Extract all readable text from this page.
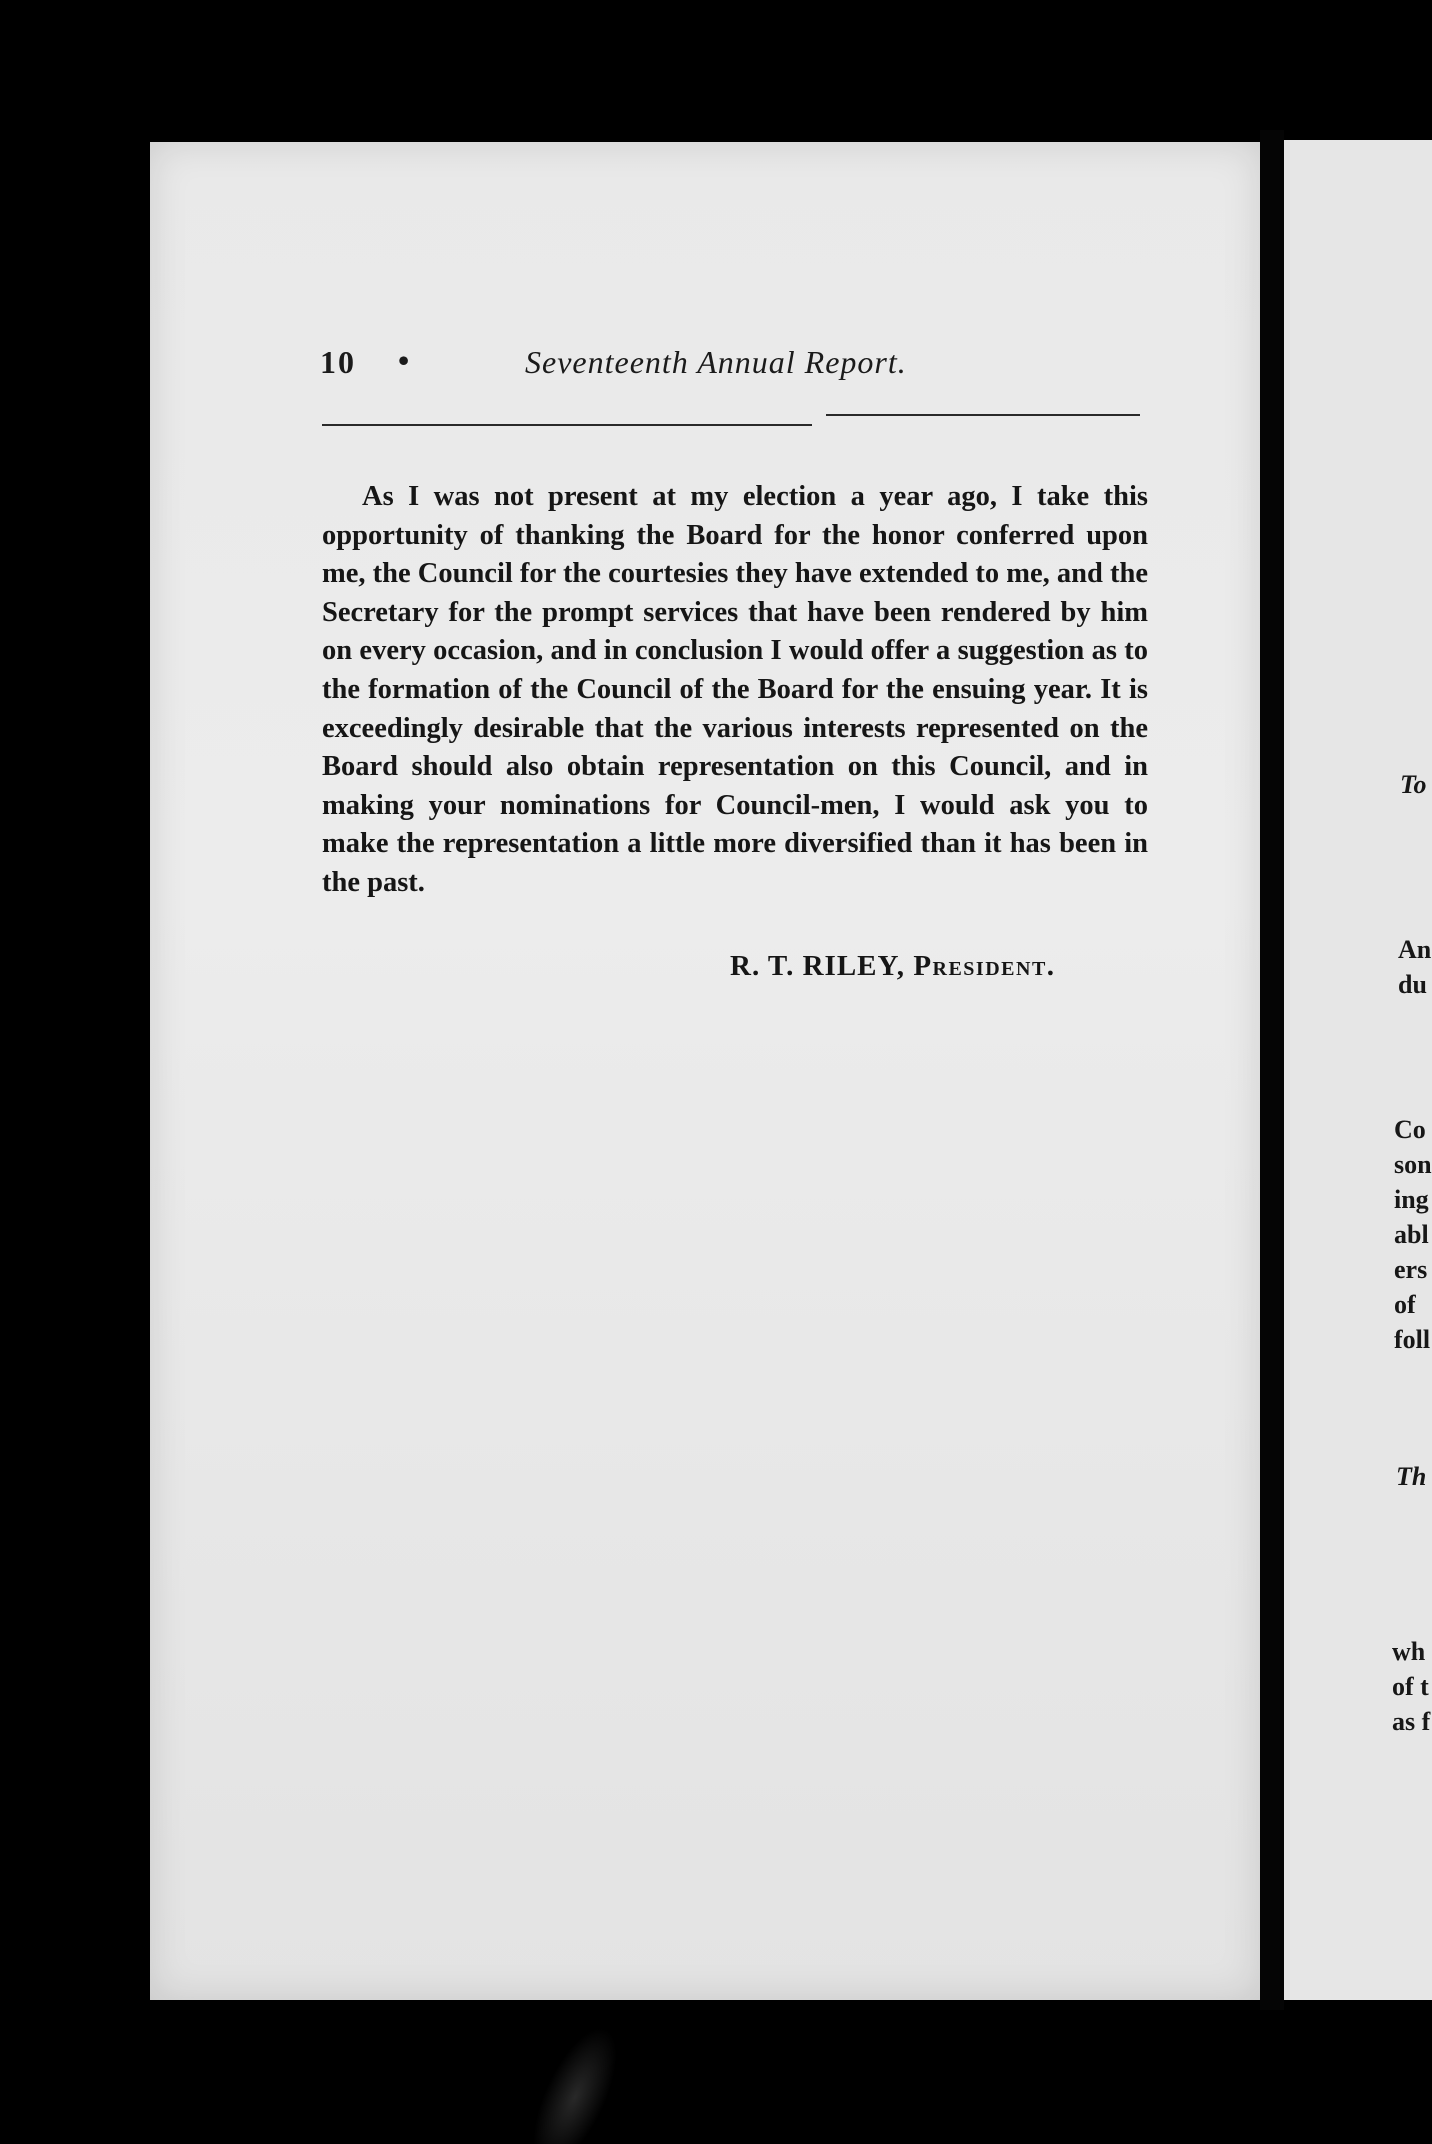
To
An
du
Co
son
ing
abl
ers
of
foll
Th
wh
of t
as f
10 •	Seventeenth Annual Report.

As I was not present at my election a year ago, I take this opportunity of thanking the Board for the honor conferred upon me, the Council for the courtesies they have extended to me, and the Secretary for the prompt services that have been rendered by him on every occasion, and in conclusion I would offer a suggestion as to the formation of the Council of the Board for the ensuing year. It is exceedingly desirable that the various interests represented on the Board should also obtain representation on this Council, and in making your nominations for Council-men, I would ask you to make the representation a little more diversified than it has been in the past.

R. T. RILEY, President.
